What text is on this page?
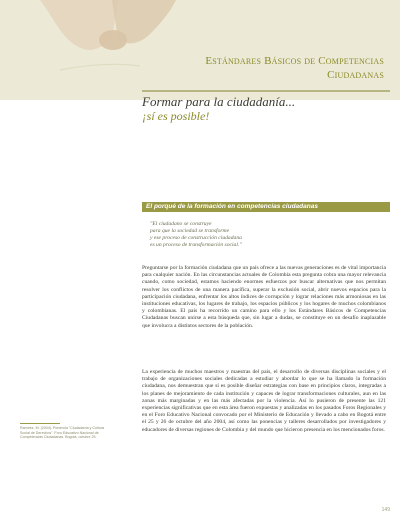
Estándares Básicos de Competencias
Ciudadanas
Formar para la ciudadanía...
¡sí es posible!
El porqué de la formación en competencias ciudadanas

"El ciudadano se construye

para que la sociedad se transforme

y ese proceso de construcción ciudadana

es un proceso de transformación social."

Preguntarse por la formación ciudadana que un país ofrece a las nuevas generaciones es de vital importancia para cualquier nación. En las circunstancias actuales de Colombia esta pregunta cobra una mayor relevancia cuando, como sociedad, estamos haciendo enormes esfuerzos por buscar alternativas que nos permitan resolver los conflictos de una manera pacífica, superar la exclusión social, abrir nuevos espacios para la participación ciudadana, enfrentar los altos índices de corrupción y lograr relaciones más armoniosas en las instituciones educativas, los lugares de trabajo, los espacios públicos y los hogares de muchos colombianos y colombianas. El país ha recorrido un camino para ello y los Estándares Básicos de Competencias Ciudadanas buscan unirse a esta búsqueda que, sin lugar a dudas, se constituye en un desafío inaplazable que involucra a distintos sectores de la población.

La experiencia de muchos maestros y maestras del país, el desarrollo de diversas disciplinas sociales y el trabajo de organizaciones sociales dedicadas a estudiar y abordar lo que se ha llamado la formación ciudadana, nos demuestran que sí es posible diseñar estrategias con base en principios claros, integradas a los planes de mejoramiento de cada institución y capaces de lograr transformaciones culturales, aun en las zonas más marginadas y en las más afectadas por la violencia. Así lo pusieron de presente las 121 experiencias significativas que en esta área fueron expuestas y analizadas en los pasados Foros Regionales y en el Foro Educativo Nacional convocado por el Ministerio de Educación y llevado a cabo en Bogotá entre el 25 y 26 de octubre del año 2004, así como las ponencias y talleres desarrollados por investigadores y educadores de diversas regiones de Colombia y del mundo que hicieron presencia en los mencionados foros.

Ramírez, M. (2004). Ponencia "Ciudadanía y Cultura Social de Derechos". Foro Educativo Nacional de Competencias Ciudadanas. Bogotá, octubre 25.
149
